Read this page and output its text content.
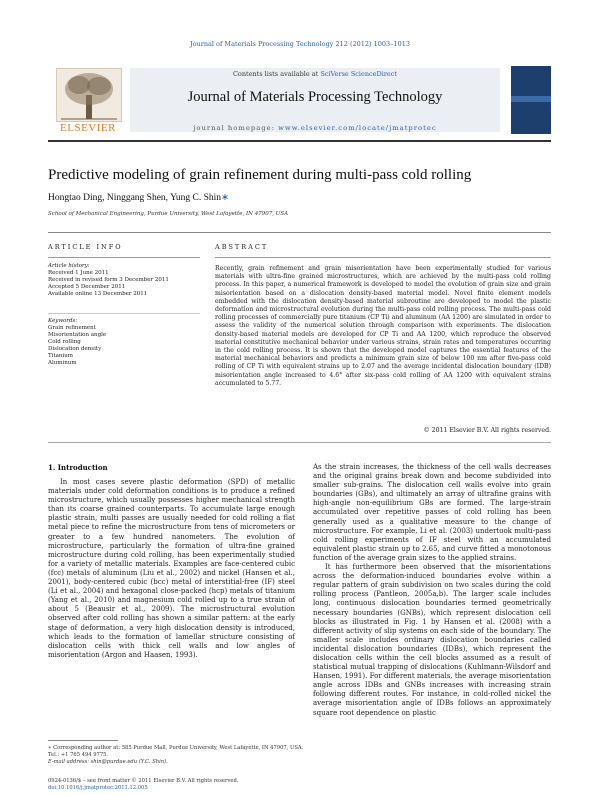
Journal of Materials Processing Technology 212 (2012) 1003–1013
ELSEVIER
Contents lists available at SciVerse ScienceDirect
Journal of Materials Processing Technology
journal homepage: www.elsevier.com/locate/jmatprotec
Predictive modeling of grain refinement during multi-pass cold rolling
Hongtao Ding, Ninggang Shen, Yung C. Shin∗
School of Mechanical Engineering, Purdue University, West Lafayette, IN 47907, USA
ARTICLE INFO
Article history:
Received 1 June 2011
Received in revised form 3 December 2011
Accepted 5 December 2011
Available online 13 December 2011
Keywords:
Grain refinement
Misorientation angle
Cold rolling
Dislocation density
Titanium
Aluminum
ABSTRACT
Recently, grain refinement and grain misorientation have been experimentally studied for various materials with ultra-fine grained microstructures, which are achieved by the multi-pass cold rolling process. In this paper, a numerical framework is developed to model the evolution of grain size and grain misorientation based on a dislocation density-based material model. Novel finite element models embedded with the dislocation density-based material subroutine are developed to model the plastic deformation and microstructural evolution during the multi-pass cold rolling process. The multi-pass cold rolling processes of commercially pure titanium (CP Ti) and aluminum (AA 1200) are simulated in order to assess the validity of the numerical solution through comparison with experiments. The dislocation density-based material models are developed for CP Ti and AA 1200, which reproduce the observed material constitutive mechanical behavior under various strains, strain rates and temperatures occurring in the cold rolling process. It is shown that the developed model captures the essential features of the material mechanical behaviors and predicts a minimum grain size of below 100 nm after five-pass cold rolling of CP Ti with equivalent strains up to 2.07 and the average incidental dislocation boundary (IDB) misorientation angle increased to 4.6° after six-pass cold rolling of AA 1200 with equivalent strains accumulated to 5.77.
© 2011 Elsevier B.V. All rights reserved.
1. Introduction

In most cases severe plastic deformation (SPD) of metallic materials under cold deformation conditions is to produce a refined microstructure, which usually possesses higher mechanical strength than its coarse grained counterparts. To accumulate large enough plastic strain, multi passes are usually needed for cold rolling a flat metal piece to refine the microstructure from tens of micrometers or greater to a few hundred nanometers. The evolution of microstructure, particularly the formation of ultra-fine grained microstructure during cold rolling, has been experimentally studied for a variety of metallic materials. Examples are face-centered cubic (fcc) metals of aluminum (Liu et al., 2002) and nickel (Hansen et al., 2001), body-centered cubic (bcc) metal of interstitial-free (IF) steel (Li et al., 2004) and hexagonal close-packed (hcp) metals of titanium (Yang et al., 2010) and magnesium cold rolled up to a true strain of about 5 (Beausir et al., 2009). The microstructural evolution observed after cold rolling has shown a similar pattern: at the early stage of deformation, a very high dislocation density is introduced, which leads to the formation of lamellar structure consisting of dislocation cells with thick cell walls and low angles of misorientation (Argon and Haasen, 1993).

As the strain increases, the thickness of the cell walls decreases and the original grains break down and become subdivided into smaller sub-grains. The dislocation cell walls evolve into grain boundaries (GBs), and ultimately an array of ultrafine grains with high-angle non-equilibrium GBs are formed. The large-strain accumulated over repetitive passes of cold rolling has been generally used as a qualitative measure to the change of microstructure. For example, Li et al. (2003) undertook multi-pass cold rolling experiments of IF steel with an accumulated equivalent plastic strain up to 2.65, and curve fitted a monotonous function of the average grain sizes to the applied strains.

It has furthermore been observed that the misorientations across the deformation-induced boundaries evolve within a regular pattern of grain subdivision on two scales during the cold rolling process (Pantleon, 2005a,b). The larger scale includes long, continuous dislocation boundaries termed geometrically necessary boundaries (GNBs), which represent dislocation cell blocks as illustrated in Fig. 1 by Hansen et al. (2008) with a different activity of slip systems on each side of the boundary. The smaller scale includes ordinary dislocation boundaries called incidental dislocation boundaries (IDBs), which represent the dislocation cells within the cell blocks assumed as a result of statistical mutual trapping of dislocations (Kuhlmann-Wilsdorf and Hansen, 1991). For different materials, the average misorientation angle across IDBs and GNBs increases with increasing strain following different routes. For instance, in cold-rolled nickel the average misorientation angle of IDBs follows an approximately square root dependence on plastic

∗ Corresponding author at: 585 Purdue Mall, Purdue University, West Lafayette, IN 47907, USA. Tel.: +1 765 494 9775.
E-mail address: shin@purdue.edu (Y.C. Shin).
0924-0136/$ – see front matter © 2011 Elsevier B.V. All rights reserved.
doi:10.1016/j.jmatprotec.2011.12.005
